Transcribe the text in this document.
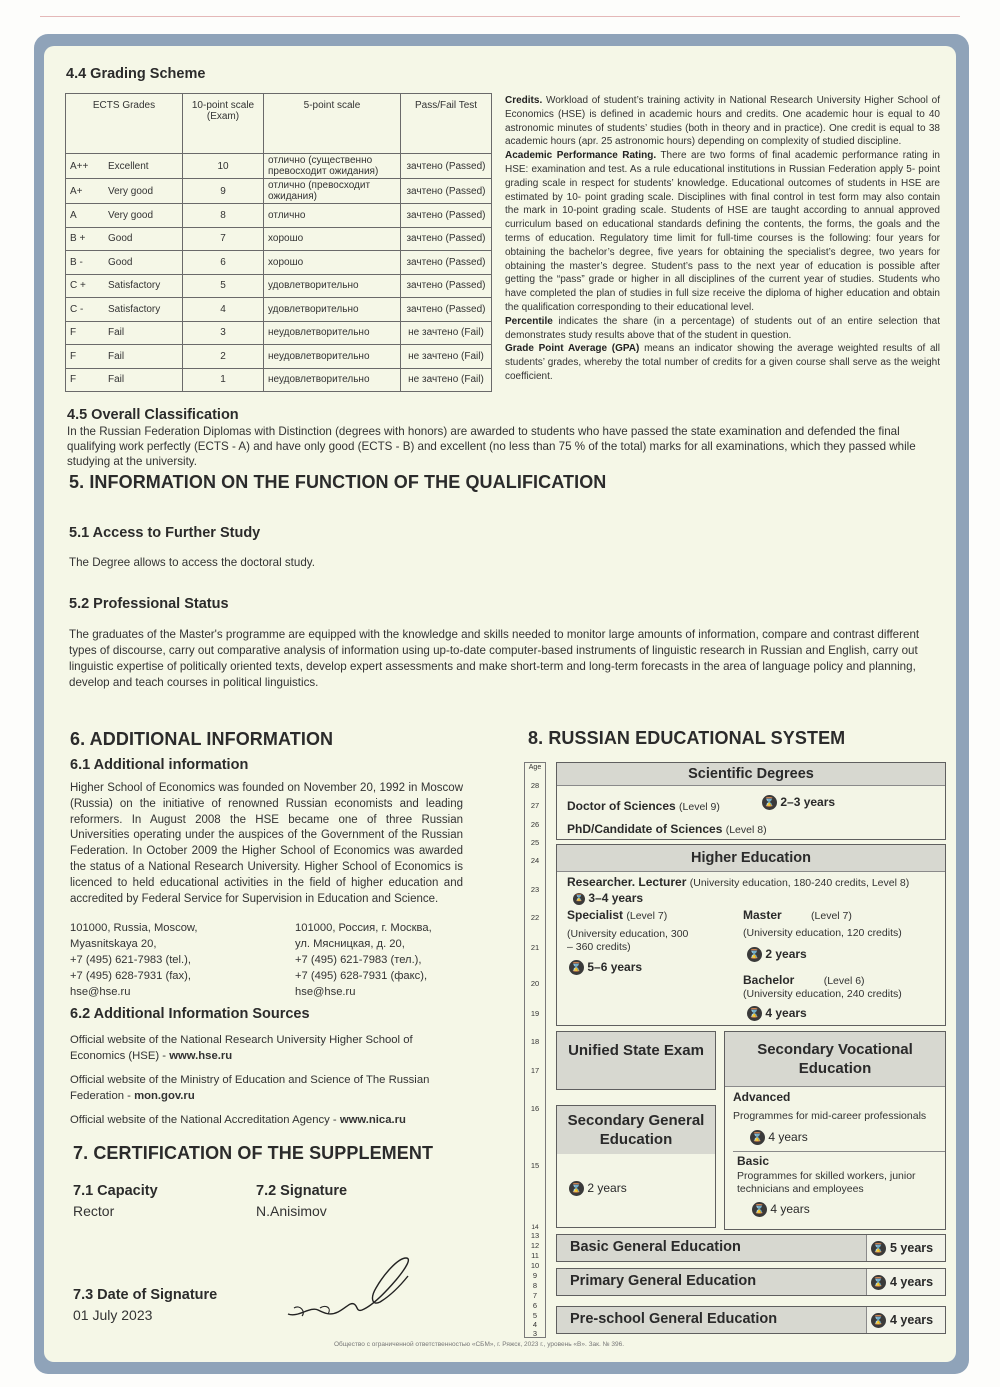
4.4 Grading Scheme
ECTS Grades		10-point scale (Exam)	5-point scale	Pass/Fail Test
A++	Excellent	10	отлично (существенно превосходит ожидания)	зачтено (Passed)
A+	Very good	9	отлично (превосходит ожидания)	зачтено (Passed)
A	Very good	8	отлично	зачтено (Passed)
B +	Good	7	хорошо	зачтено (Passed)
B -	Good	6	хорошо	зачтено (Passed)
C +	Satisfactory	5	удовлетворительно	зачтено (Passed)
C -	Satisfactory	4	удовлетворительно	зачтено (Passed)
F	Fail	3	неудовлетворительно	не зачтено (Fail)
F	Fail	2	неудовлетворительно	не зачтено (Fail)
F	Fail	1	неудовлетворительно	не зачтено (Fail)

Credits. Workload of student’s training activity in National Research University Higher School of Economics (HSE) is defined in academic hours and credits. One academic hour is equal to 40 astronomic minutes of students’ studies (both in theory and in practice). One credit is equal to 38 academic hours (apr. 25 astronomic hours) depending on complexity of studied discipline.

Academic Performance Rating. There are two forms of final academic performance rating in HSE: examination and test. As a rule educational institutions in Russian Federation apply 5- point grading scale in respect for students’ knowledge. Educational outcomes of students in HSE are estimated by 10- point grading scale. Disciplines with final control in test form may also contain the mark in 10-point grading scale. Students of HSE are taught according to annual approved curriculum based on educational standards defining the contents, the forms, the goals and the terms of education. Regulatory time limit for full-time courses is the following: four years for obtaining the bachelor’s degree, five years for obtaining the specialist’s degree, two years for obtaining the master’s degree. Student’s pass to the next year of education is possible after getting the “pass” grade or higher in all disciplines of the current year of studies. Students who have completed the plan of studies in full size receive the diploma of higher education and obtain the qualification corresponding to their educational level.

Percentile indicates the share (in a percentage) of students out of an entire selection that demonstrates study results above that of the student in question.

Grade Point Average (GPA) means an indicator showing the average weighted results of all students’ grades, whereby the total number of credits for a given course shall serve as the weight coefficient.

4.5 Overall Classification

In the Russian Federation Diplomas with Distinction (degrees with honors) are awarded to students who have passed the state examination and defended the final qualifying work perfectly (ECTS - A) and have only good (ECTS - B) and excellent (no less than 75 % of the total) marks for all examinations, which they passed while studying at the university.

5. INFORMATION ON THE FUNCTION OF THE QUALIFICATION
5.1 Access to Further Study

The Degree allows to access the doctoral study.

5.2 Professional Status

The graduates of the Master's programme are equipped with the knowledge and skills needed to monitor large amounts of information, compare and contrast different types of discourse, carry out comparative analysis of information using up-to-date computer-based instruments of linguistic research in Russian and English, carry out linguistic expertise of politically oriented texts, develop expert assessments and make short-term and long-term forecasts in the area of language policy and planning, develop and teach courses in political linguistics.

6. ADDITIONAL INFORMATION
6.1 Additional information

Higher School of Economics was founded on November 20, 1992 in Moscow (Russia) on the initiative of renowned Russian economists and leading reformers. In August 2008 the HSE became one of three Russian Universities operating under the auspices of the Government of the Russian Federation. In October 2009 the Higher School of Economics was awarded the status of a National Research University. Higher School of Economics is licenced to held educational activities in the field of higher education and accredited by Federal Service for Supervision in Education and Science.

101000, Russia, Moscow,
Myasnitskaya 20,
+7 (495) 621-7983 (tel.),
+7 (495) 628-7931 (fax),
hse@hse.ru
101000, Россия, г. Москва,
ул. Мясницкая, д. 20,
+7 (495) 621-7983 (тел.),
+7 (495) 628-7931 (факс),
hse@hse.ru
6.2 Additional Information Sources

Official website of the National Research University Higher School of Economics (HSE) - www.hse.ru

Official website of the Ministry of Education and Science of The Russian Federation - mon.gov.ru

Official website of the National Accreditation Agency - www.nica.ru

7. CERTIFICATION OF THE SUPPLEMENT
7.1 Capacity

Rector

7.2 Signature

N.Anisimov

7.3 Date of Signature

01 July 2023

8. RUSSIAN EDUCATIONAL SYSTEM
Age
28
27
26
25
24
23
22
21
20
19
18
17
16
15
14
13
12
11
10
9
8
7
6
5
4
3
Scientific Degrees
Doctor of Sciences (Level 9)	⌛ 2–3 years
PhD/Candidate of Sciences (Level 8)
Higher Education
Researcher. Lecturer (University education, 180-240 credits, Level 8)
⌛ 3–4 years
Specialist (Level 7)
(University education, 300 – 360 credits)
⌛ 5–6 years
Master	(Level 7)
(University education, 120 credits)
⌛ 2 years
Bachelor	(Level 6)
(University education, 240 credits)
⌛ 4 years
Unified State Exam	Secondary Vocational Education
Advanced
Programmes for mid-career professionals
⌛ 4 years
Basic
Programmes for skilled workers, junior technicians and employees
⌛ 4 years
Secondary General Education
⌛ 2 years
Basic General Education	⌛ 5 years
Primary General Education	⌛ 4 years
Pre-school General Education	⌛ 4 years

Общество с ограниченной ответственностью «СБМ», г. Ряжск, 2023 г., уровень «В». Зак. № 396.
